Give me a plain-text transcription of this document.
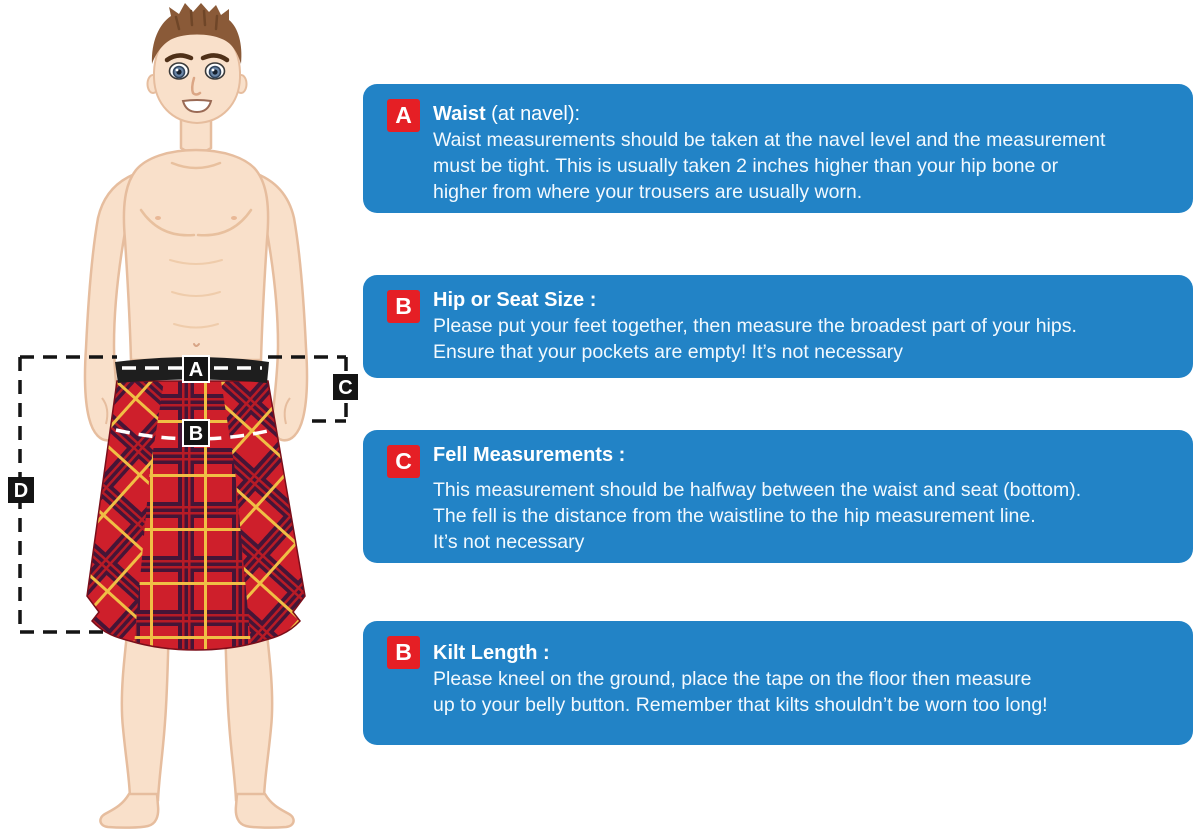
A
B
C
D
A	Waist (at navel):
Waist measurements should be taken at the navel level and the measurement
must be tight. This is usually taken 2 inches higher than your hip bone or
higher from where your trousers are usually worn.
B	Hip or Seat Size :
Please put your feet together, then measure the broadest part of your hips.
Ensure that your pockets are empty! It’s not necessary
C	Fell Measurements :
This measurement should be halfway between the waist and seat (bottom).
The fell is the distance from the waistline to the hip measurement line.
It’s not necessary
B	Kilt Length :
Please kneel on the ground, place the tape on the floor then measure
up to your belly button. Remember that kilts shouldn’t be worn too long!
